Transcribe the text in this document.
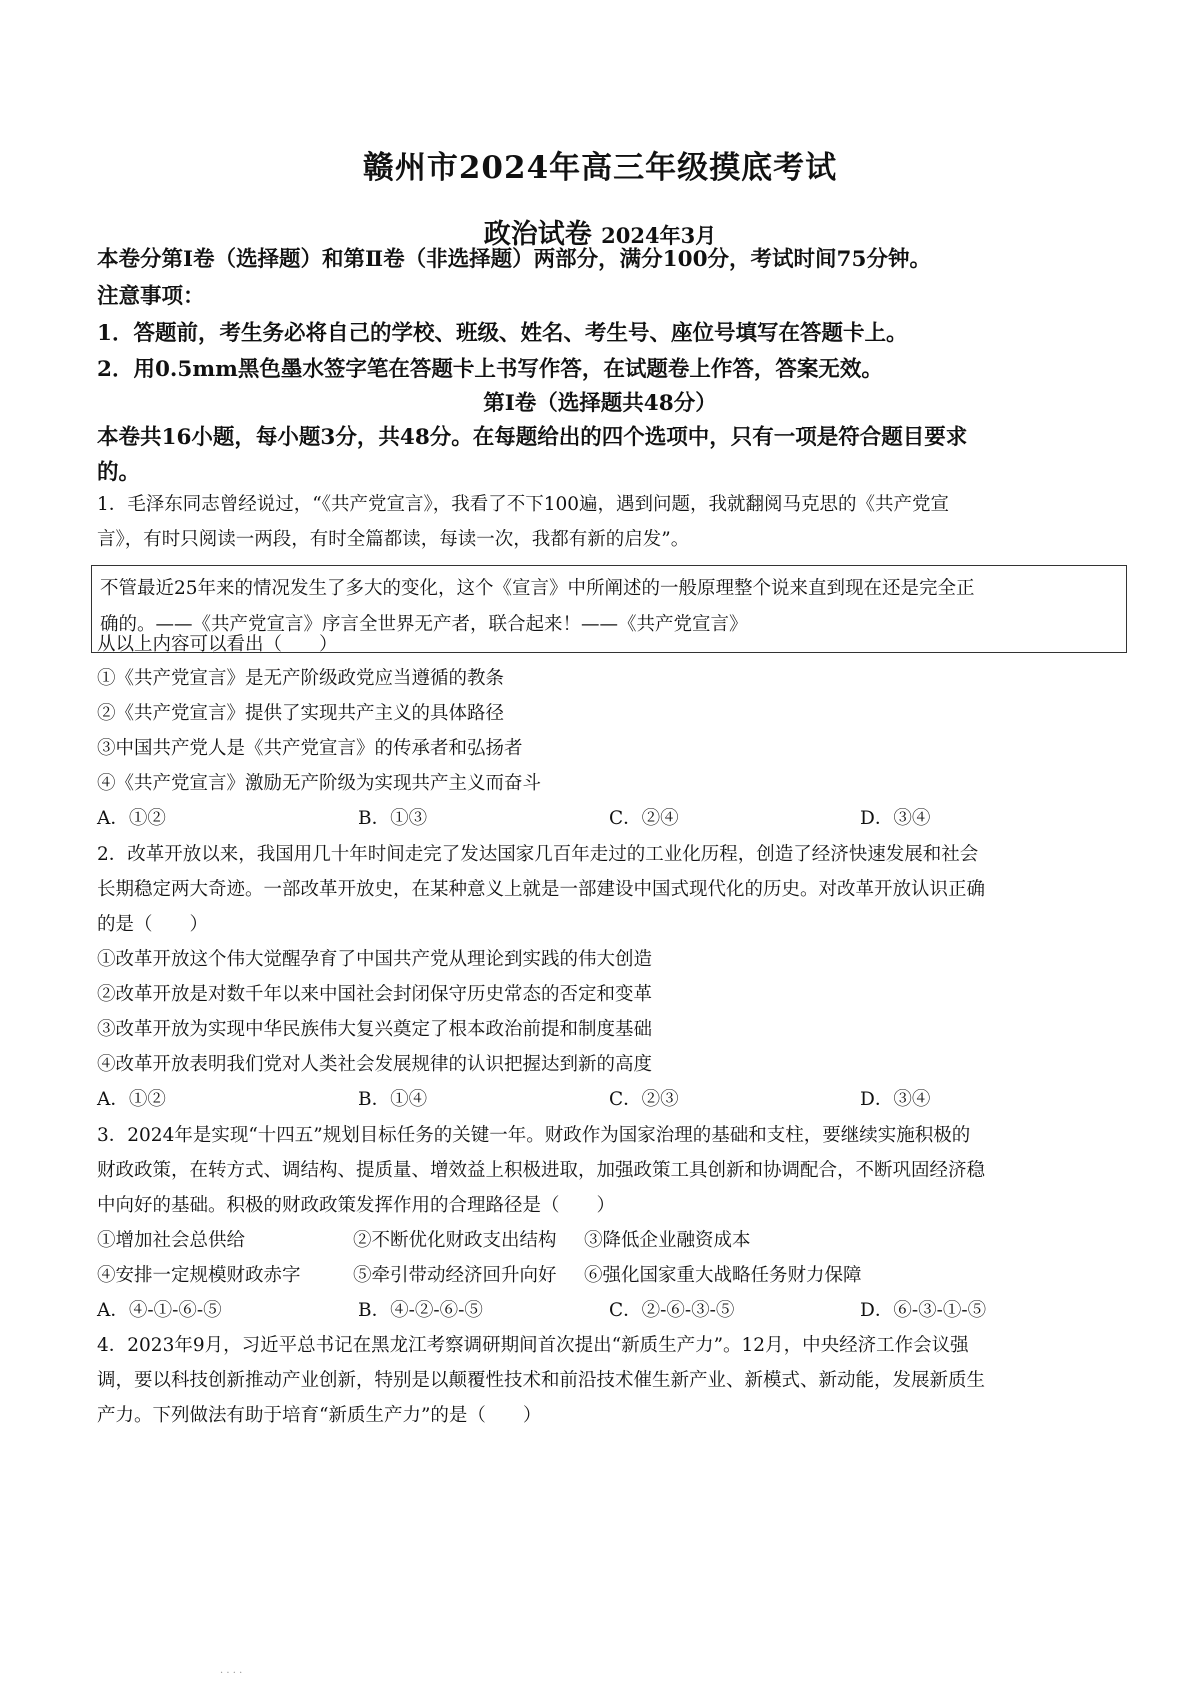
赣州市2024年高三年级摸底考试
政治试卷 2024年3月
本卷分第Ⅰ卷（选择题）和第Ⅱ卷（非选择题）两部分，满分100分，考试时间75分钟。
注意事项：
1．答题前，考生务必将自己的学校、班级、姓名、考生号、座位号填写在答题卡上。
2．用0.5mm黑色墨水签字笔在答题卡上书写作答，在试题卷上作答，答案无效。
第Ⅰ卷（选择题共48分）
本卷共16小题，每小题3分，共48分。在每题给出的四个选项中，只有一项是符合题目要求
的。
1．毛泽东同志曾经说过，“《共产党宣言》，我看了不下100遍，遇到问题，我就翻阅马克思的《共产党宣
言》，有时只阅读一两段，有时全篇都读，每读一次，我都有新的启发”。
不管最近25年来的情况发生了多大的变化，这个《宣言》中所阐述的一般原理整个说来直到现在还是完全正
确的。——《共产党宣言》序言全世界无产者，联合起来！——《共产党宣言》
从以上内容可以看出（　　）
①《共产党宣言》是无产阶级政党应当遵循的教条
②《共产党宣言》提供了实现共产主义的具体路径
③中国共产党人是《共产党宣言》的传承者和弘扬者
④《共产党宣言》激励无产阶级为实现共产主义而奋斗
A．①②	B．①③	C．②④	D．③④
2．改革开放以来，我国用几十年时间走完了发达国家几百年走过的工业化历程，创造了经济快速发展和社会
长期稳定两大奇迹。一部改革开放史，在某种意义上就是一部建设中国式现代化的历史。对改革开放认识正确
的是（　　）
①改革开放这个伟大觉醒孕育了中国共产党从理论到实践的伟大创造
②改革开放是对数千年以来中国社会封闭保守历史常态的否定和变革
③改革开放为实现中华民族伟大复兴奠定了根本政治前提和制度基础
④改革开放表明我们党对人类社会发展规律的认识把握达到新的高度
A．①②	B．①④	C．②③	D．③④
3．2024年是实现“十四五”规划目标任务的关键一年。财政作为国家治理的基础和支柱，要继续实施积极的
财政政策，在转方式、调结构、提质量、增效益上积极进取，加强政策工具创新和协调配合，不断巩固经济稳
中向好的基础。积极的财政政策发挥作用的合理路径是（　　）
①增加社会总供给	②不断优化财政支出结构 ③降低企业融资成本
④安排一定规模财政赤字	⑤牵引带动经济回升向好 ⑥强化国家重大战略任务财力保障
A．④-①-⑥-⑤	B．④-②-⑥-⑤	C．②-⑥-③-⑤	D．⑥-③-①-⑤
4．2023年9月，习近平总书记在黑龙江考察调研期间首次提出“新质生产力”。12月，中央经济工作会议强
调，要以科技创新推动产业创新，特别是以颠覆性技术和前沿技术催生新产业、新模式、新动能，发展新质生
产力。下列做法有助于培育“新质生产力”的是（　　）
· · · ·
